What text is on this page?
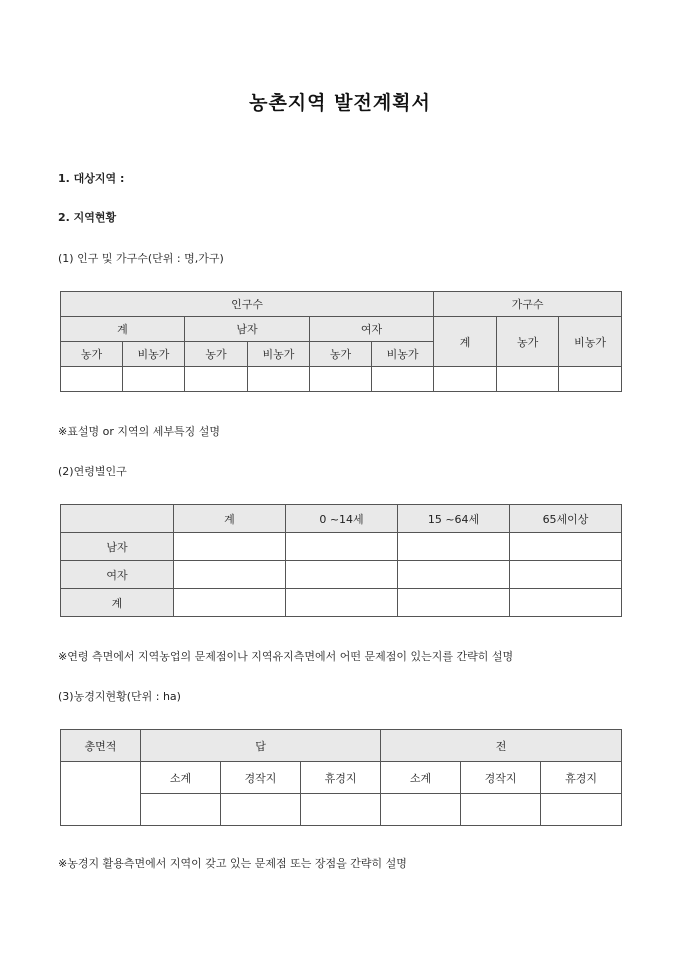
농촌지역 발전계획서
1. 대상지역 :
2. 지역현황
(1) 인구 및 가구수(단위 : 명,가구)
인구수						가구수		
계		남자		여자		계	농가	비농가
농가	비농가	농가	비농가	농가	비농가			

※표설명 or 지역의 세부특징 설명
(2)연령별인구
	계	0 ~14세	15 ~64세	65세이상
남자				
여자				
계				
※연령 측면에서 지역농업의 문제점이나 지역유지측면에서 어떤 문제점이 있는지를 간략히 설명
(3)농경지현황(단위 : ha)
총면적	답			전		
	소계	경작지	휴경지	소계	경작지	휴경지

※농경지 활용측면에서 지역이 갖고 있는 문제점 또는 장점을 간략히 설명
